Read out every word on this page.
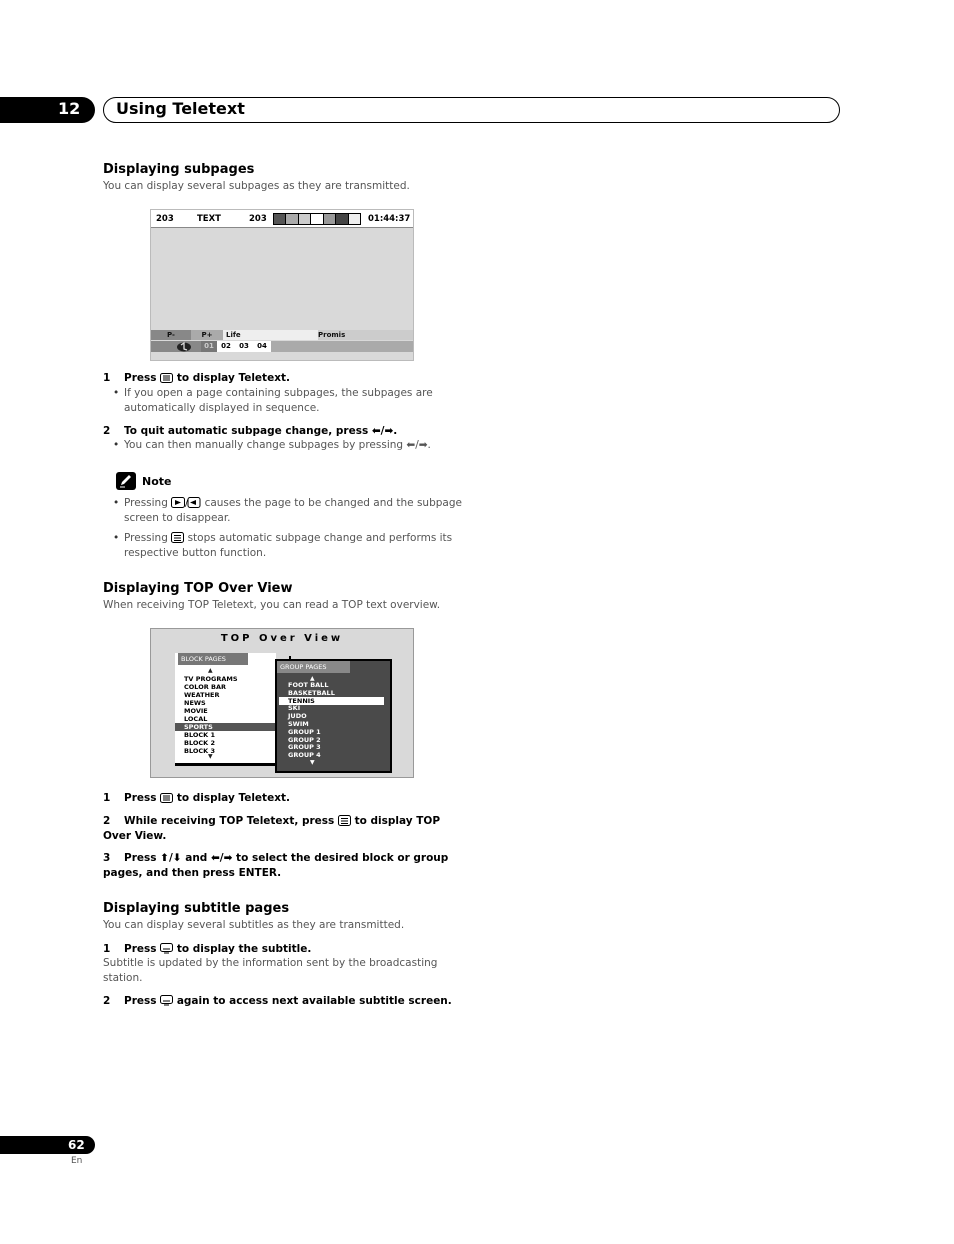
12 Using Teletext
Displaying subpages

You can display several subpages as they are transmitted.

203	TEXT	203	01:44:37
P-	P+	Life	Promis
01	02	03	04

1 Press to display Teletext.

• If you open a page containing subpages, the subpages are automatically displayed in sequence.

2 To quit automatic subpage change, press ⬅/➡.

• You can then manually change subpages by pressing ⬅/➡.

Note

• Pressing / causes the page to be changed and the subpage screen to disappear.

• Pressing stops automatic subpage change and performs its respective button function.

Displaying TOP Over View

When receiving TOP Teletext, you can read a TOP text overview.

TOP Over View
BLOCK PAGES
▲
TV PROGRAMS
COLOR BAR
WEATHER
NEWS
MOVIE
LOCAL
SPORTS
BLOCK 1
BLOCK 2
BLOCK 3
▼
GROUP PAGES
▲
FOOT BALL
BASKETBALL
TENNIS
SKI
JUDO
SWIM
GROUP 1
GROUP 2
GROUP 3
GROUP 4
▼

1 Press to display Teletext.

2 While receiving TOP Teletext, press to display TOP Over View.

3 Press ⬆/⬇ and ⬅/➡ to select the desired block or group pages, and then press ENTER.

Displaying subtitle pages

You can display several subtitles as they are transmitted.

1 Press to display the subtitle.

Subtitle is updated by the information sent by the broadcasting station.

2 Press again to access next available subtitle screen.

62
En
